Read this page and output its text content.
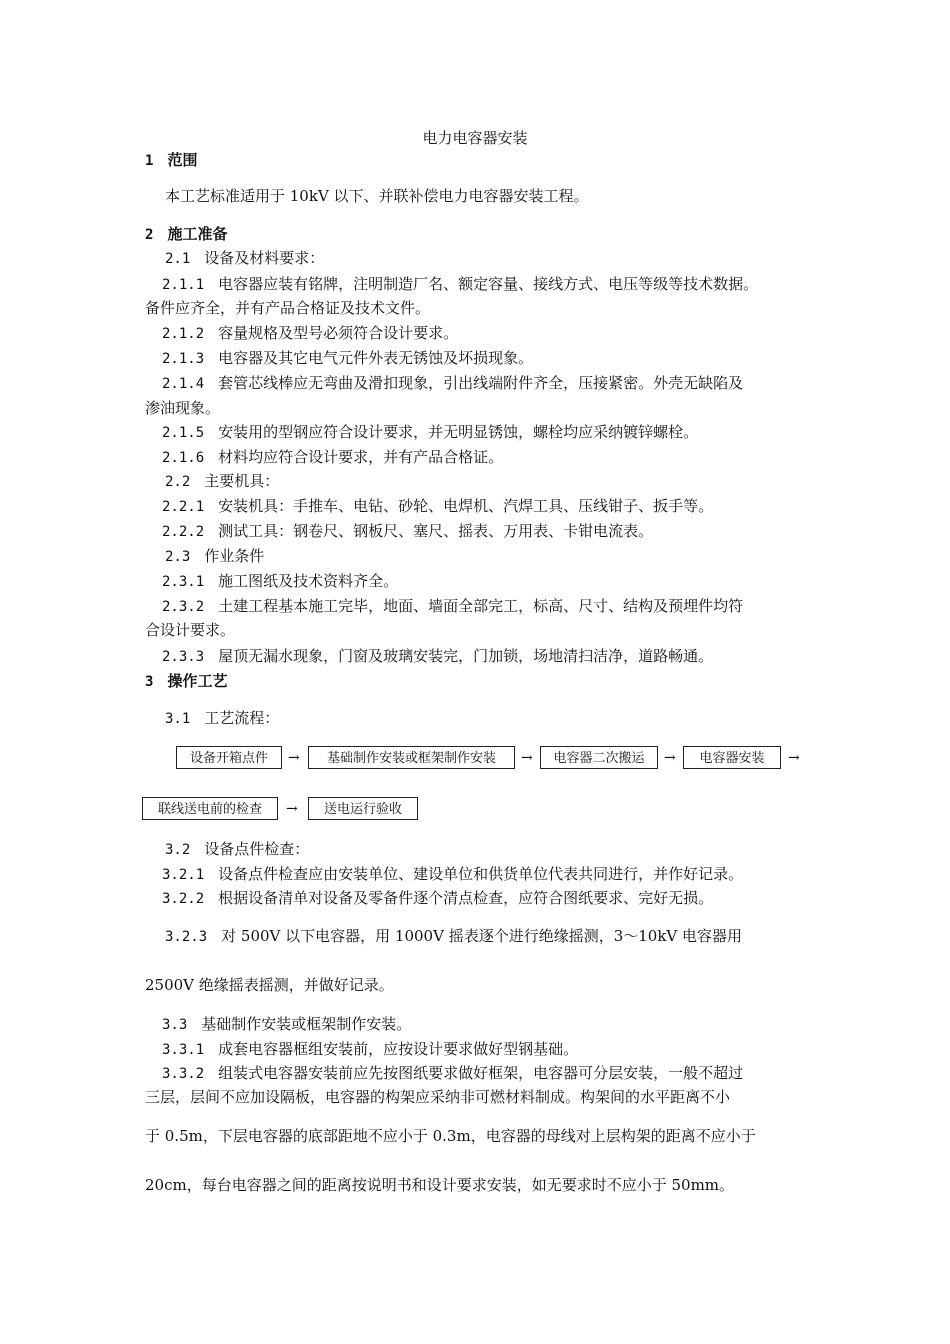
电力电容器安装
1 范围
本工艺标准适用于 10kV 以下、并联补偿电力电容器安装工程。
2 施工准备
2.1 设备及材料要求：
2.1.1 电容器应装有铭牌，注明制造厂名、额定容量、接线方式、电压等级等技术数据。
备件应齐全，并有产品合格证及技术文件。
2.1.2 容量规格及型号必须符合设计要求。
2.1.3 电容器及其它电气元件外表无锈蚀及坏损现象。
2.1.4 套管芯线棒应无弯曲及滑扣现象，引出线端附件齐全，压接紧密。外壳无缺陷及
渗油现象。
2.1.5 安装用的型钢应符合设计要求，并无明显锈蚀，螺栓均应采纳镀锌螺栓。
2.1.6 材料均应符合设计要求，并有产品合格证。
2.2 主要机具：
2.2.1 安装机具：手推车、电钻、砂轮、电焊机、汽焊工具、压线钳子、扳手等。
2.2.2 测试工具：钢卷尺、钢板尺、塞尺、摇表、万用表、卡钳电流表。
2.3 作业条件
2.3.1 施工图纸及技术资料齐全。
2.3.2 土建工程基本施工完毕，地面、墙面全部完工，标高、尺寸、结构及预埋件均符
合设计要求。
2.3.3 屋顶无漏水现象，门窗及玻璃安装完，门加锁，场地清扫洁净，道路畅通。
3 操作工艺
3.1 工艺流程：
设备开箱点件	→	基础制作安装或框架制作安装	→	电容器二次搬运	→	电容器安装	→
联线送电前的检查	→	送电运行验收
3.2 设备点件检查：
3.2.1 设备点件检查应由安装单位、建设单位和供货单位代表共同进行，并作好记录。
3.2.2 根据设备清单对设备及零备件逐个清点检查，应符合图纸要求、完好无损。
3.2.3 对 500V 以下电容器，用 1000V 摇表逐个进行绝缘摇测，3～10kV 电容器用
2500V 绝缘摇表摇测，并做好记录。
3.3 基础制作安装或框架制作安装。
3.3.1 成套电容器框组安装前，应按设计要求做好型钢基础。
3.3.2 组装式电容器安装前应先按图纸要求做好框架，电容器可分层安装，一般不超过
三层，层间不应加设隔板，电容器的构架应采纳非可燃材料制成。构架间的水平距离不小
于 0.5m，下层电容器的底部距地不应小于 0.3m，电容器的母线对上层构架的距离不应小于
20cm，每台电容器之间的距离按说明书和设计要求安装，如无要求时不应小于 50mm。
